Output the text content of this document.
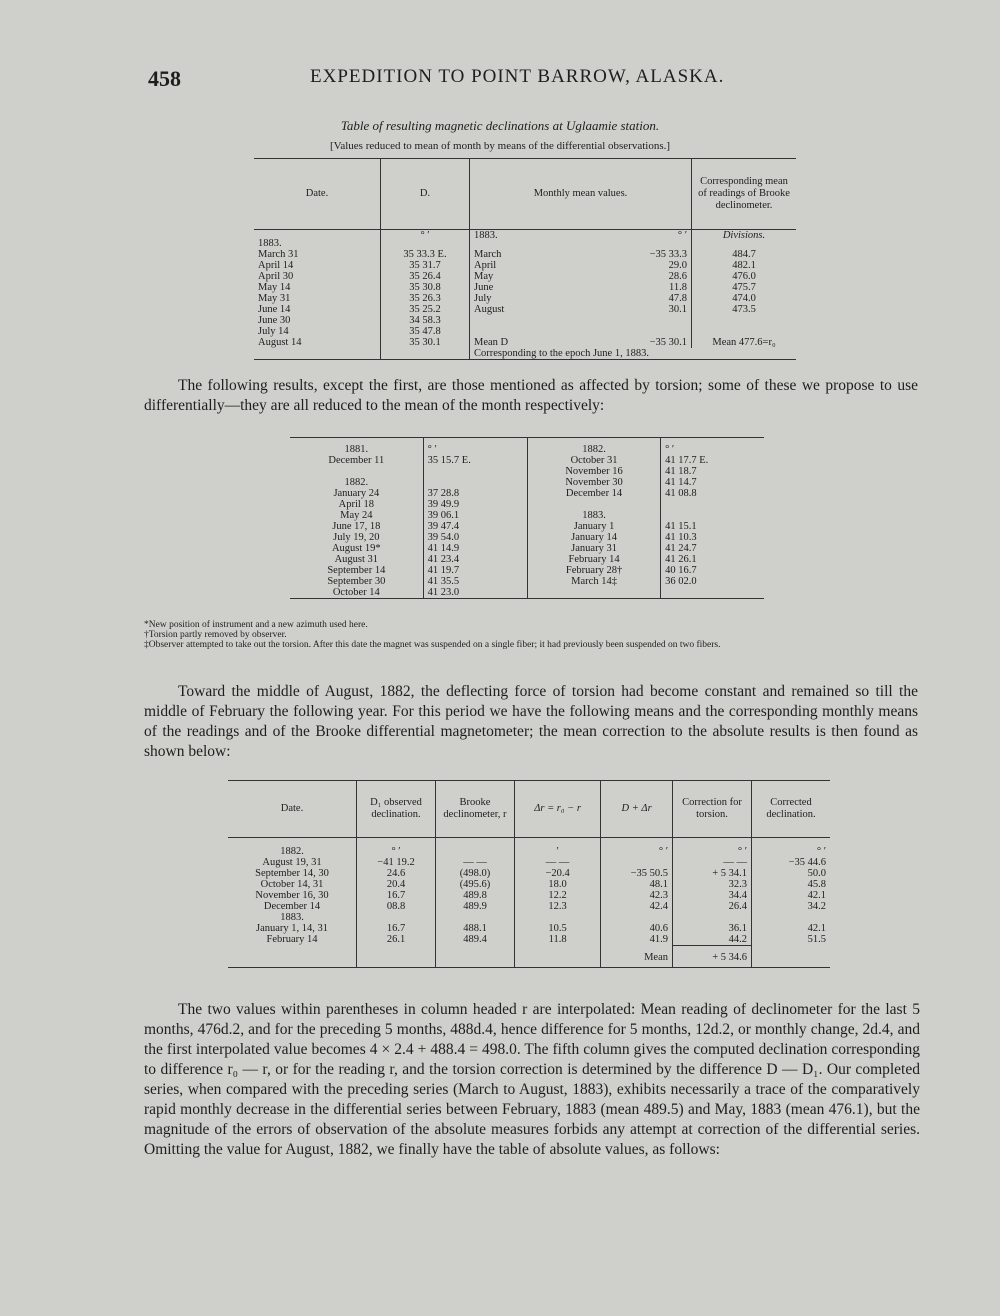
458	EXPEDITION TO POINT BARROW, ALASKA.
Table of resulting magnetic declinations at Uglaamie station.
[Values reduced to mean of month by means of the differential observations.]
Date.	D.	Monthly mean values.		Corresponding mean of readings of Brooke declinometer.
1883.	° ′	1883.	° ′	Divisions.
March 31	35 33.3 E.	March	−35 33.3	484.7
April 14	35 31.7	April	29.0	482.1
April 30	35 26.4	May	28.6	476.0
May 14	35 30.8	June	11.8	475.7
May 31	35 26.3	July	47.8	474.0
June 14	35 25.2	August	30.1	473.5
June 30	34 58.3			
July 14	35 47.8			
August 14	35 30.1	Mean D	−35 30.1	Mean 477.6=r₀
		Corresponding to the epoch June 1, 1883.		
The following results, except the first, are those mentioned as affected by torsion; some of these we propose to use differentially—they are all reduced to the mean of the month respectively:
1881.	° ′	1882.	° ′
December 11	35 15.7 E.	October 31	41 17.7 E.
		November 16	41 18.7
1882.		November 30	41 14.7
January 24	37 28.8	December 14	41 08.8
April 18	39 49.9		
May 24	39 06.1	1883.	
June 17, 18	39 47.4	January 1	41 15.1
July 19, 20	39 54.0	January 14	41 10.3
August 19*	41 14.9	January 31	41 24.7
August 31	41 23.4	February 14	41 26.1
September 14	41 19.7	February 28†	40 16.7
September 30	41 35.5	March 14‡	36 02.0
October 14	41 23.0		
*New position of instrument and a new azimuth used here.
†Torsion partly removed by observer.
‡Observer attempted to take out the torsion. After this date the magnet was suspended on a single fiber; it had previously been suspended on two fibers.
Toward the middle of August, 1882, the deflecting force of torsion had become constant and remained so till the middle of February the following year. For this period we have the following means and the corresponding monthly means of the readings and of the Brooke differential magnetometer; the mean correction to the absolute results is then found as shown below:
Date.	D₁ observed declination.	Brooke declinometer, r	Δr = r₀ − r	D + Δr	Correction for torsion.	Corrected declination.
1882.	° ′		′	° ′	° ′	° ′
August 19, 31	−41 19.2	— —	— —		— —	−35 44.6
September 14, 30	24.6	(498.0)	−20.4	−35 50.5	+ 5 34.1	50.0
October 14, 31	20.4	(495.6)	18.0	48.1	32.3	45.8
November 16, 30	16.7	489.8	12.2	42.3	34.4	42.1
December 14	08.8	489.9	12.3	42.4	26.4	34.2
1883.						
January 1, 14, 31	16.7	488.1	10.5	40.6	36.1	42.1
February 14	26.1	489.4	11.8	41.9	44.2	51.5
				Mean	+ 5 34.6	
The two values within parentheses in column headed r are interpolated: Mean reading of declinometer for the last 5 months, 476d.2, and for the preceding 5 months, 488d.4, hence difference for 5 months, 12d.2, or monthly change, 2d.4, and the first interpolated value becomes 4 × 2.4 + 488.4 = 498.0. The fifth column gives the computed declination corresponding to difference r₀ — r, or for the reading r, and the torsion correction is determined by the difference D — D₁. Our completed series, when compared with the preceding series (March to August, 1883), exhibits necessarily a trace of the comparatively rapid monthly decrease in the differential series between February, 1883 (mean 489.5) and May, 1883 (mean 476.1), but the magnitude of the errors of observation of the absolute measures forbids any attempt at correction of the differential series. Omitting the value for August, 1882, we finally have the table of absolute values, as follows:
